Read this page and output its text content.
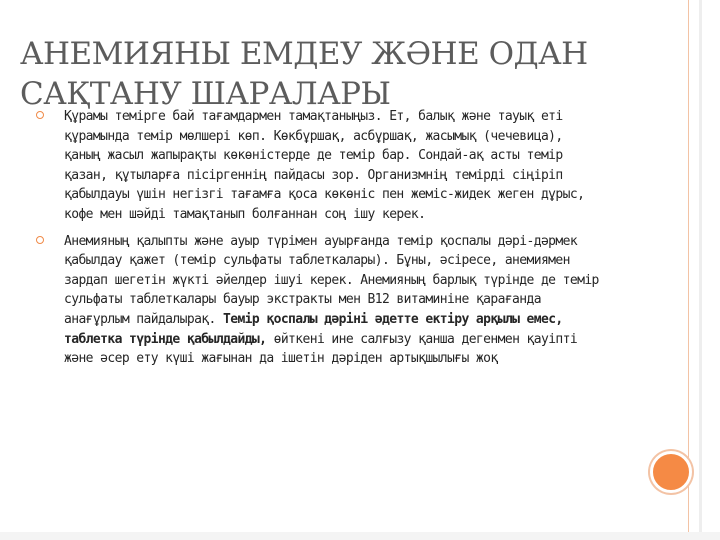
АНЕМИЯНЫ ЕМДЕУ ЖӘНЕ ОДАН САҚТАНУ ШАРАЛАРЫ

Құрамы темірге бай тағамдармен тамақтаныңыз. Ет, балық және тауық еті құрамында темір мөлшері көп. Көкбұршақ, асбұршақ, жасымық (чечевица), қаның жасыл жапырақты көкөністерде де темір бар. Сондай-ақ асты темір қазан, құтыларға пісіргеннің пайдасы зор. Организмнің темірді сіңіріп қабылдауы үшін негізгі тағамға қоса көкөніс пен жеміс-жидек жеген дұрыс, кофе мен шәйді тамақтанып болғаннан соң ішу керек.

Анемияның қалыпты және ауыр түрімен ауырғанда темір қоспалы дәрі-дәрмек қабылдау қажет (темір сульфаты таблеткалары). Бұны, әсіресе, анемиямен зардап шегетін жүкті әйелдер ішуі керек. Анемияның барлық түрінде де темір сульфаты таблеткалары бауыр экстракты мен В12 витаминіне қарағанда анағұрлым пайдалырақ. Темір қоспалы дәріні әдетте ектіру арқылы емес, таблетка түрінде қабылдайды, өйткені ине салғызу қанша дегенмен қауіпті және әсер ету күші жағынан да ішетін дәріден артықшылығы жоқ
